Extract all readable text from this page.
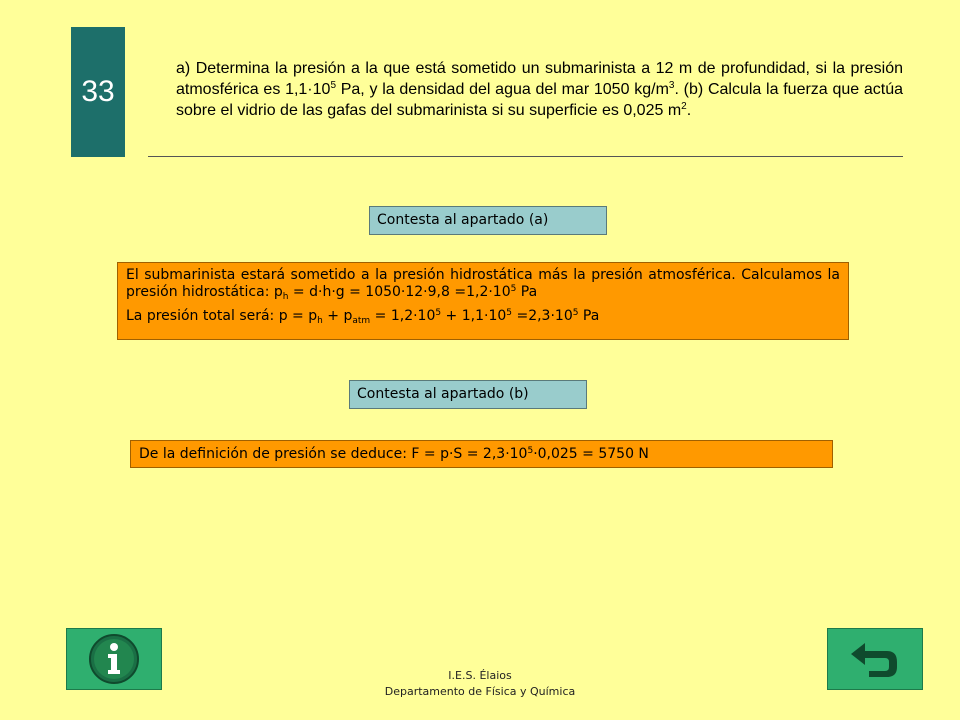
33
a) Determina la presión a la que está sometido un submarinista a 12 m de profundidad, si la presión atmosférica es $1,1\cdot 10^5$ Pa, y la densidad del agua del mar 1050 $kg/m^3$. (b) Calcula la fuerza que actúa sobre el vidrio de las gafas del submarinista si su superficie es 0,025 $m^2$.
Contesta al apartado (a)

El submarinista estará sometido a la presión hidrostática más la presión atmosférica. Calculamos la presión hidrostática: $p_h = d\cdot h\cdot g = 1050\cdot 12\cdot 9,8 =1,2\cdot 10^5$ Pa

La presión total será: $p = p_h + p_{atm} = 1,2\cdot 10^5 + 1,1\cdot 10^5 =2,3\cdot 10^5$ Pa

Contesta al apartado (b)
De la definición de presión se deduce: $F = p\cdot S = 2,3\cdot 10^5\cdot 0,025 = 5750$ N
I.E.S. Élaios
Departamento de Física y Química
